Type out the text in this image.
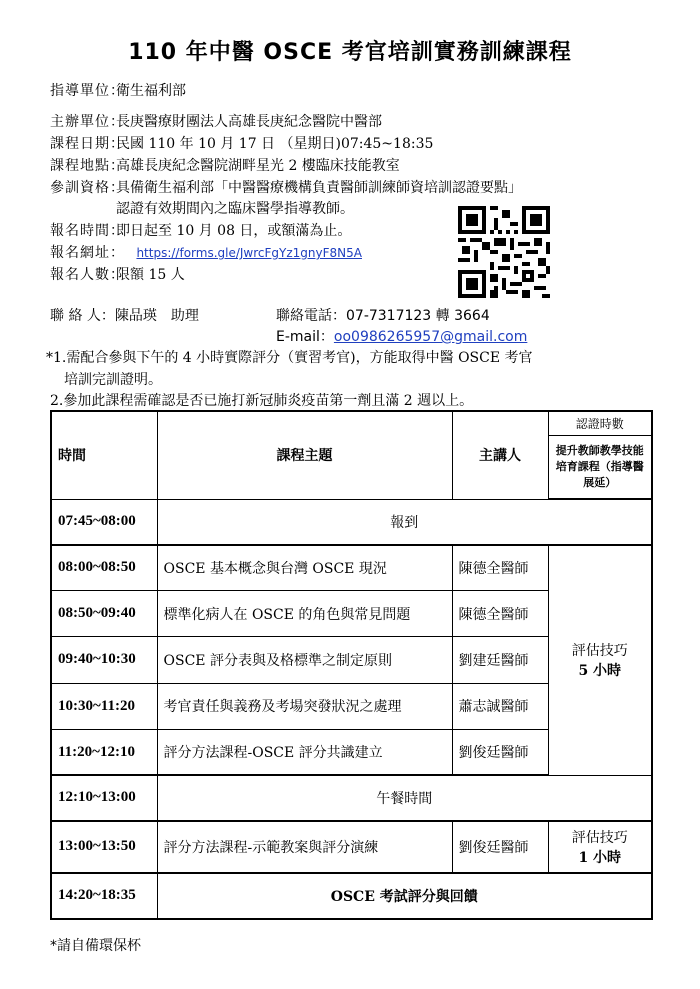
110 年中醫 OSCE 考官培訓實務訓練課程
指導單位：衛生福利部
主辦單位：長庚醫療財團法人高雄長庚紀念醫院中醫部
課程日期：民國 110 年 10 月 17 日 （星期日)07:45~18:35
課程地點：高雄長庚紀念醫院湖畔星光 2 樓臨床技能教室
參訓資格：具備衛生福利部「中醫醫療機構負責醫師訓練師資培訓認證要點」
認證有效期間內之臨床醫學指導教師。
報名時間：即日起至 10 月 08 日，或額滿為止。
報名網址： https://forms.gle/JwrcFgYz1gnyF8N5A
報名人數：限額 15 人
聯 絡 人：陳品瑛　助理	聯絡電話：07-7317123 轉 3664
E-mail：oo0986265957@gmail.com
*1.需配合參與下午的 4 小時實際評分（實習考官)，方能取得中醫 OSCE 考官
培訓完訓證明。
2.參加此課程需確認是否已施打新冠肺炎疫苗第一劑且滿 2 週以上。
時間	課程主題	主講人	認證時數
			提升教師教學技能培育課程（指導醫展延）
07:45~08:00	報到		
08:00~08:50	OSCE 基本概念與台灣 OSCE 現況	陳德全醫師	評估技巧
5 小時

08:50~09:40	標準化病人在 OSCE 的角色與常見問題	陳德全醫師	
09:40~10:30	OSCE 評分表與及格標準之制定原則	劉建廷醫師	
10:30~11:20	考官責任與義務及考場突發狀況之處理	蕭志誠醫師	
11:20~12:10	評分方法課程-OSCE 評分共識建立	劉俊廷醫師	
12:10~13:00	午餐時間		
13:00~13:50	評分方法課程-示範教案與評分演練	劉俊廷醫師	評估技巧
1 小時

14:20~18:35	OSCE 考試評分與回饋		
*請自備環保杯
